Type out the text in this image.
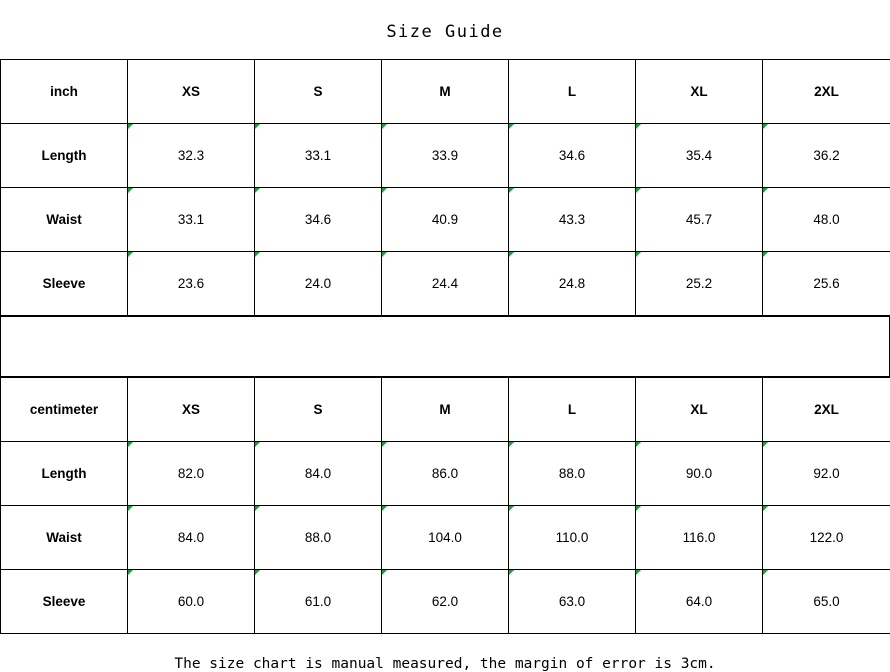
Size Guide
inch	XS	S	M	L	XL	2XL
Length	32.3	33.1	33.9	34.6	35.4	36.2
Waist	33.1	34.6	40.9	43.3	45.7	48.0
Sleeve	23.6	24.0	24.4	24.8	25.2	25.6
centimeter	XS	S	M	L	XL	2XL
Length	82.0	84.0	86.0	88.0	90.0	92.0
Waist	84.0	88.0	104.0	110.0	116.0	122.0
Sleeve	60.0	61.0	62.0	63.0	64.0	65.0
The size chart is manual measured, the margin of error is 3cm.
